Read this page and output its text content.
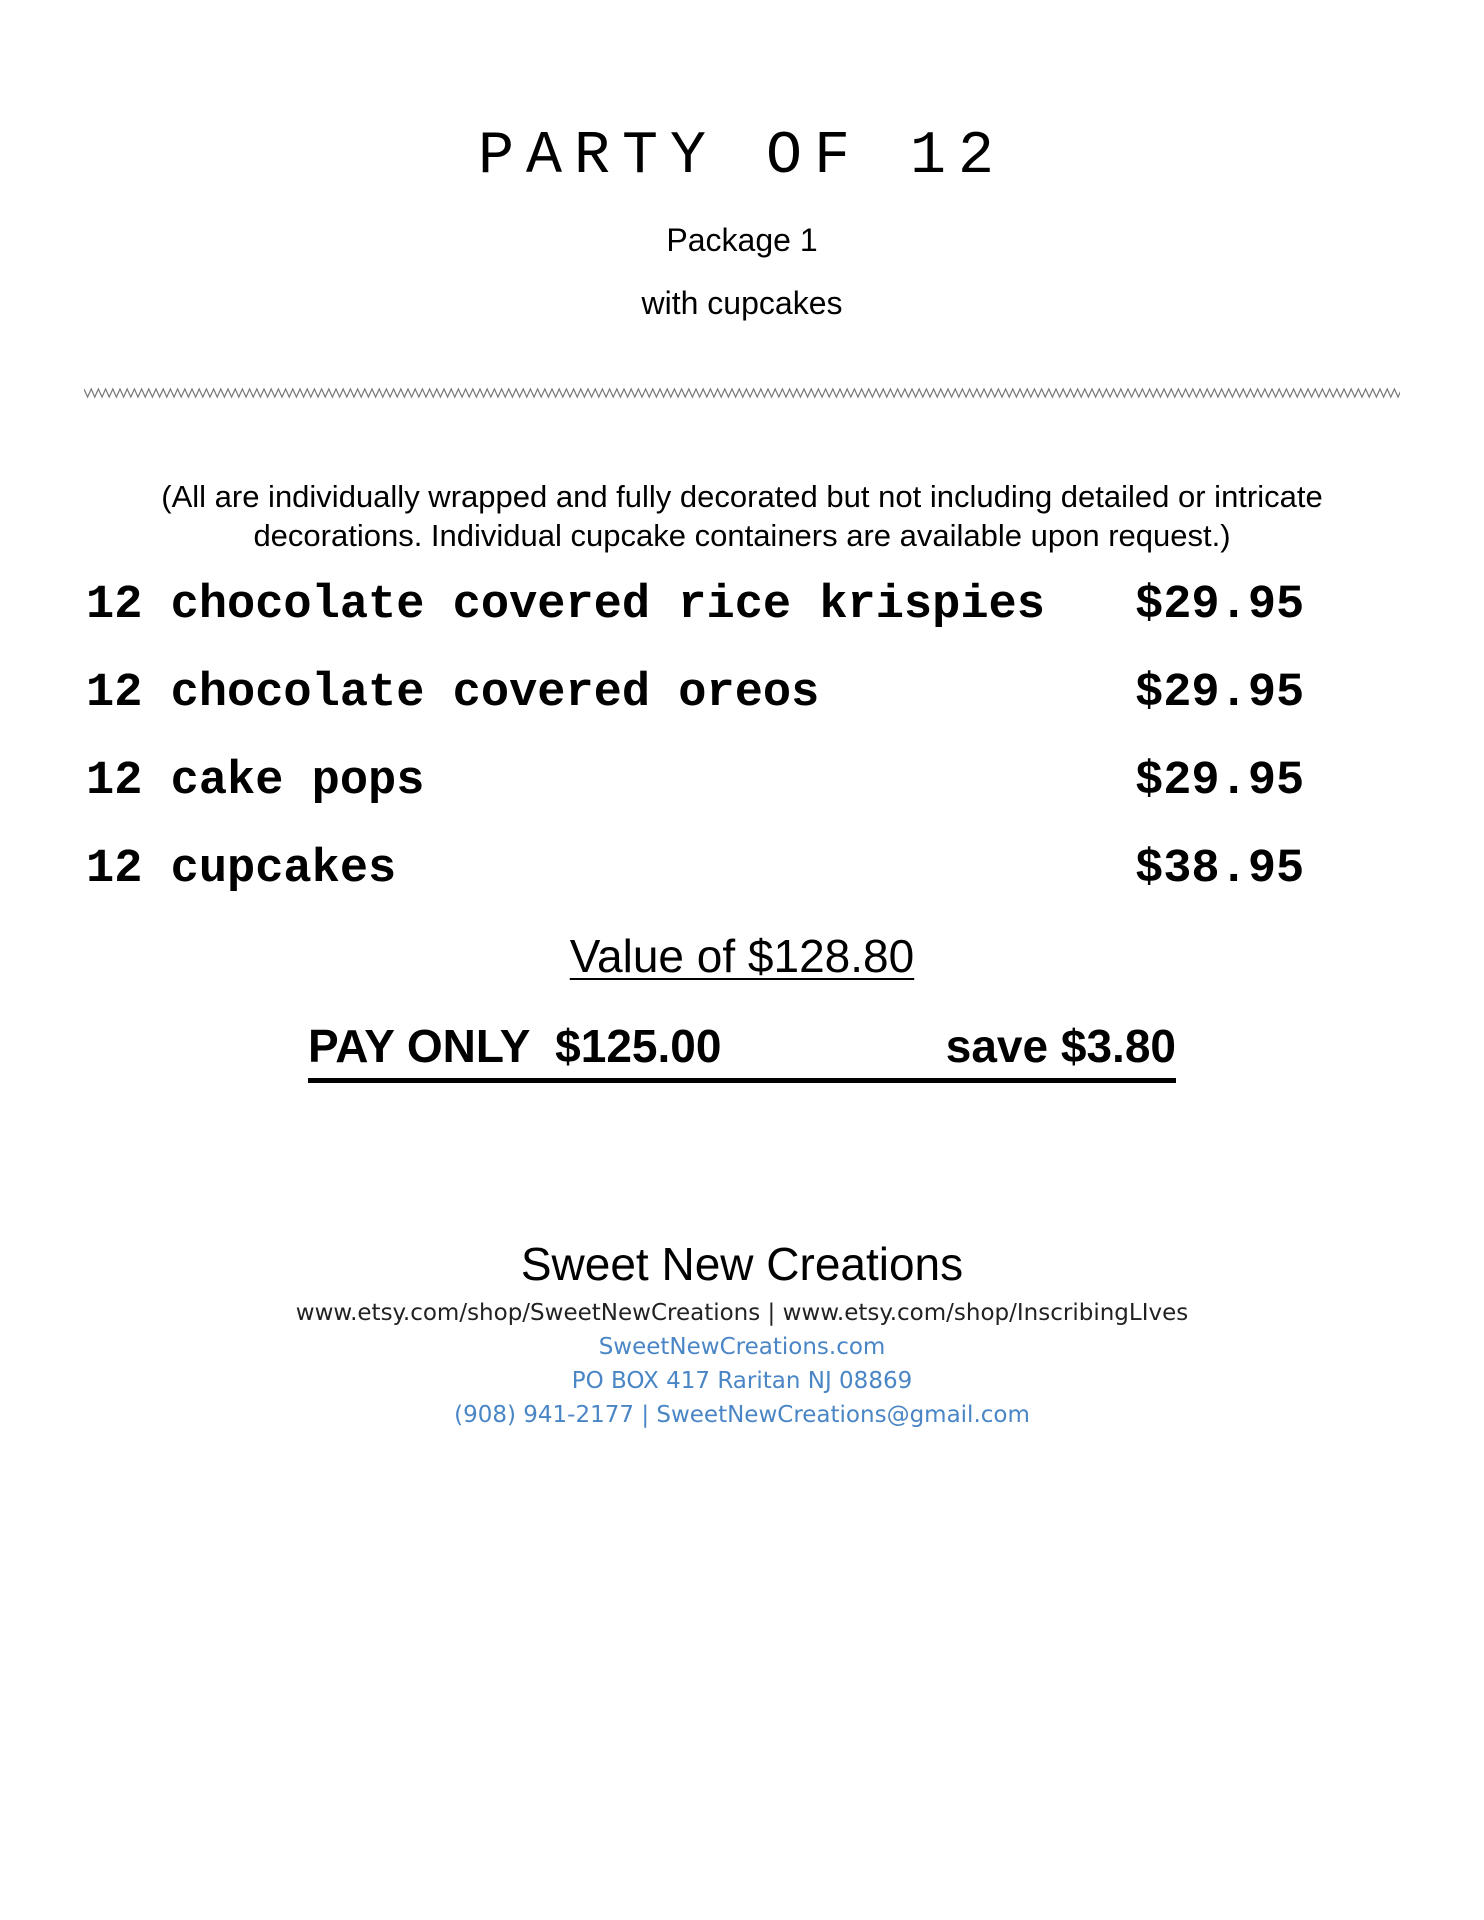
PARTY OF 12
Package 1
with cupcakes
(All are individually wrapped and fully decorated but not including detailed or intricate decorations. Individual cupcake containers are available upon request.)
12 chocolate covered rice krispies $29.95
12 chocolate covered oreos	$29.95
12 cake pops	$29.95
12 cupcakes	$38.95
Value of $128.80
PAY ONLY  $125.00	save $3.80
Sweet New Creations
www.etsy.com/shop/SweetNewCreations | www.etsy.com/shop/InscribingLIves
SweetNewCreations.com
PO BOX 417 Raritan NJ 08869
(908) 941-2177 | SweetNewCreations@gmail.com
